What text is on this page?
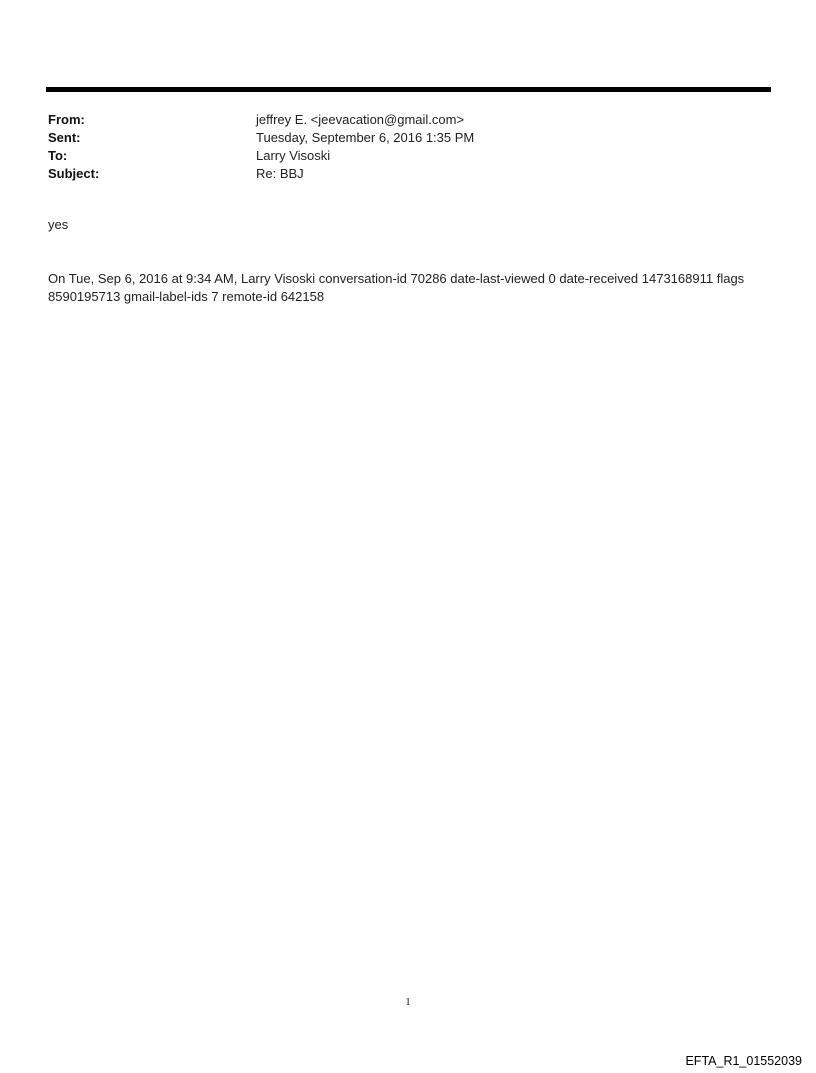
From:	jeffrey E. <jeevacation@gmail.com>
Sent:	Tuesday, September 6, 2016 1:35 PM
To:	Larry Visoski
Subject:	Re: BBJ
yes
On Tue, Sep 6, 2016 at 9:34 AM, Larry Visoski conversation-id 70286 date-last-viewed 0 date-received 1473168911 flags
8590195713 gmail-label-ids 7 remote-id 642158
1
EFTA_R1_01552039
